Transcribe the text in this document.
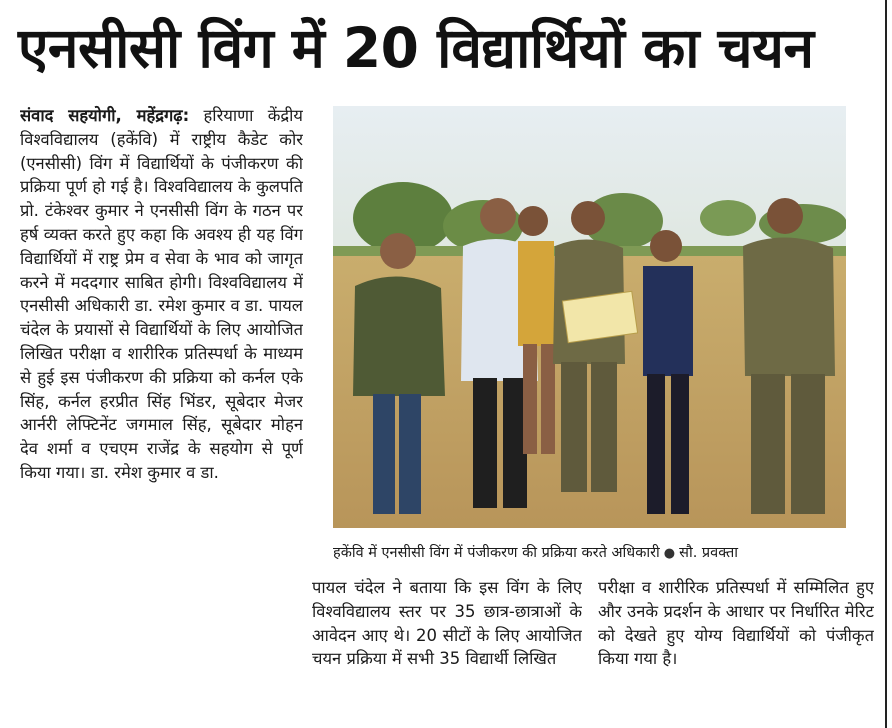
एनसीसी विंग में 20 विद्यार्थियों का चयन
संवाद सहयोगी, महेंद्रगढ़: हरियाणा केंद्रीय विश्वविद्यालय (हकेंवि) में राष्ट्रीय कैडेट कोर (एनसीसी) विंग में विद्यार्थियों के पंजीकरण की प्रक्रिया पूर्ण हो गई है। विश्वविद्यालय के कुलपति प्रो. टंकेश्वर कुमार ने एनसीसी विंग के गठन पर हर्ष व्यक्त करते हुए कहा कि अवश्य ही यह विंग विद्यार्थियों में राष्ट्र प्रेम व सेवा के भाव को जागृत करने में मददगार साबित होगी। विश्वविद्यालय में एनसीसी अधिकारी डा. रमेश कुमार व डा. पायल चंदेल के प्रयासों से विद्यार्थियों के लिए आयोजित लिखित परीक्षा व शारीरिक प्रतिस्पर्धा के माध्यम से हुई इस पंजीकरण की प्रक्रिया को कर्नल एके सिंह, कर्नल हरप्रीत सिंह भिंडर, सूबेदार मेजर आर्नरी लेफ्टिनेंट जगमाल सिंह, सूबेदार मोहन देव शर्मा व एचएम राजेंद्र के सहयोग से पूर्ण किया गया। डा. रमेश कुमार व डा.
हकेंवि में एनसीसी विंग में पंजीकरण की प्रक्रिया करते अधिकारी ● सौ. प्रवक्ता
पायल चंदेल ने बताया कि इस विंग के लिए विश्वविद्यालय स्तर पर 35 छात्र-छात्राओं के आवेदन आए थे। 20 सीटों के लिए आयोजित चयन प्रक्रिया में सभी 35 विद्यार्थी लिखित
परीक्षा व शारीरिक प्रतिस्पर्धा में सम्मिलित हुए और उनके प्रदर्शन के आधार पर निर्धारित मेरिट को देखते हुए योग्य विद्यार्थियों को पंजीकृत किया गया है।
